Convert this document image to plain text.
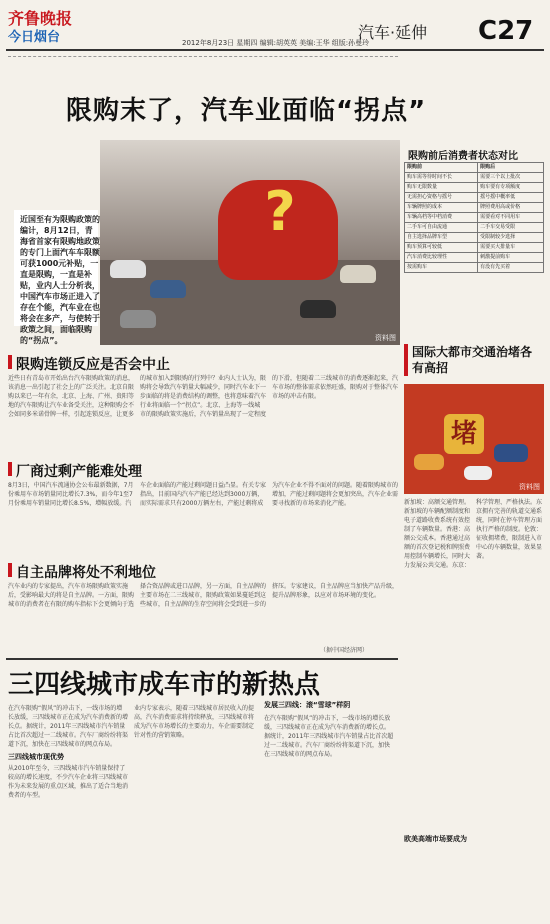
齐鲁晚报
今日烟台	2012年8月23日 星期四 编辑:胡英英 美编:王华 组版:孙曼玲
汽车·延伸 C27
限购末了，汽车业面临“拐点”
近国至有为限购政策的编计，8月12日，青海省首家有限购地政策的专门上面汽车车限额可获1000元补贴，一直是限购，一直是补贴，业内人士分析表，中国汽车市场正进入了存在个能，汽车业在也将会在多产，与使转于政策之间，面临限购的“拐点”。
?
资料图
限购前后消费者状态对比
限购前	限购后
购车需等待时间不长	需要三个以上批次
购车无限数量	购车要有专项额度
无需担心资格与摇号	摇号摇中概率低
车辆牌照的成本	牌照费用高或价格
车辆高档等中档消费	需要看对不同用车
二手车可自由流通	二手车交易受限
自主选择品牌车型	受限制较少选择
购车预算可较低	需要买大排量车
汽车消费比较理性	刺激提前购车
按需购车	有没有先买着
限购连锁反应是否会中止
近些日有青岛市开始出台汽车限购政策的消息，该消息一出引起了社会上的广泛关注。北京自限购以来已一年有余，北京、上海、广州、贵阳等地的汽车限购让汽车业备受关注，这种限购会不会如同多米诺骨牌一样，引起连锁反应，让更多的城市加入到限购的行列中？业内人士认为，限购将会导致汽车销量大幅减少，同时汽车业下一步面临的将是消费结构的调整，也将意味着汽车行业将面临一个“拐点”。北京、上海等一线城市的限购政策实施后，汽车销量出现了一定程度的下滑，但随着二三线城市的消费逐渐起来，汽车市场的整体需求依然旺盛，限购对于整体汽车市场的冲击有限。
厂商过剩产能难处理
8月3日，中国汽车流通协会公布最新数据，7月份乘用车市场销量同比增长7.3%，而今年1至7月份乘用车销量同比增长8.5%，增幅放缓。汽车企业面临的产能过剩问题日益凸显。有关专家指出，目前国内汽车产能已经达到3000万辆，而实际需求只有2000万辆左右，产能过剩将成为汽车企业不得不面对的问题。随着限购城市的增加，产能过剩问题将会更加突出，汽车企业需要寻找新的市场来消化产能。
自主品牌将处不利地位
汽车业内的专家提出，汽车市场限购政策实施后，受影响最大的将是自主品牌。一方面，限购城市的消费者在有限的购车指标下会更倾向于选择合资品牌或进口品牌，另一方面，自主品牌的主要市场在二三线城市，限购政策如果蔓延到这些城市，自主品牌的生存空间将会受到进一步的挤压。专家建议，自主品牌应当加快产品升级，提升品牌形象，以应对市场环境的变化。
（据中国经济网）
国际大都市交通治堵各有高招
堵
资料图
新加坡：高额交通管理。新加坡的车辆配额制度和电子道路收费系统有效控制了车辆数量。香港：高额公交成本。香港通过高额的首次登记税和牌照费用控制车辆增长，同时大力发展公共交通。东京：科学管理、严格执法。东京拥有完善的轨道交通系统，同时在停车管理方面执行严格的制度。伦敦：征收拥堵费，限制进入市中心的车辆数量，效果显著。
三四线城市成车市的新热点
在汽车限购“假风”的冲击下，一线市场的增长放缓，三四线城市正在成为汽车消费新的增长点。据统计，2011年三四线城市汽车销量占比首次超过一二线城市。汽车厂商纷纷将渠道下沉，加快在三四线城市的网点布局。
三四线城市现优势
从2010年至今，三四线城市汽车销量保持了较高的增长速度，不少汽车企业将三四线城市作为未来发展的重点区域，推出了适合当地消费者的车型。
业内专家表示，随着三四线城市居民收入的提高，汽车消费需求将持续释放，三四线城市将成为汽车市场增长的主要动力，车企需要制定针对性的营销策略。
发展三四线：滚“雪球”样阴
在汽车限购“假风”的冲击下，一线市场的增长放缓，三四线城市正在成为汽车消费新的增长点。据统计，2011年三四线城市汽车销量占比首次超过一二线城市。汽车厂商纷纷将渠道下沉，加快在三四线城市的网点布局。
欧美高端市场要成为
